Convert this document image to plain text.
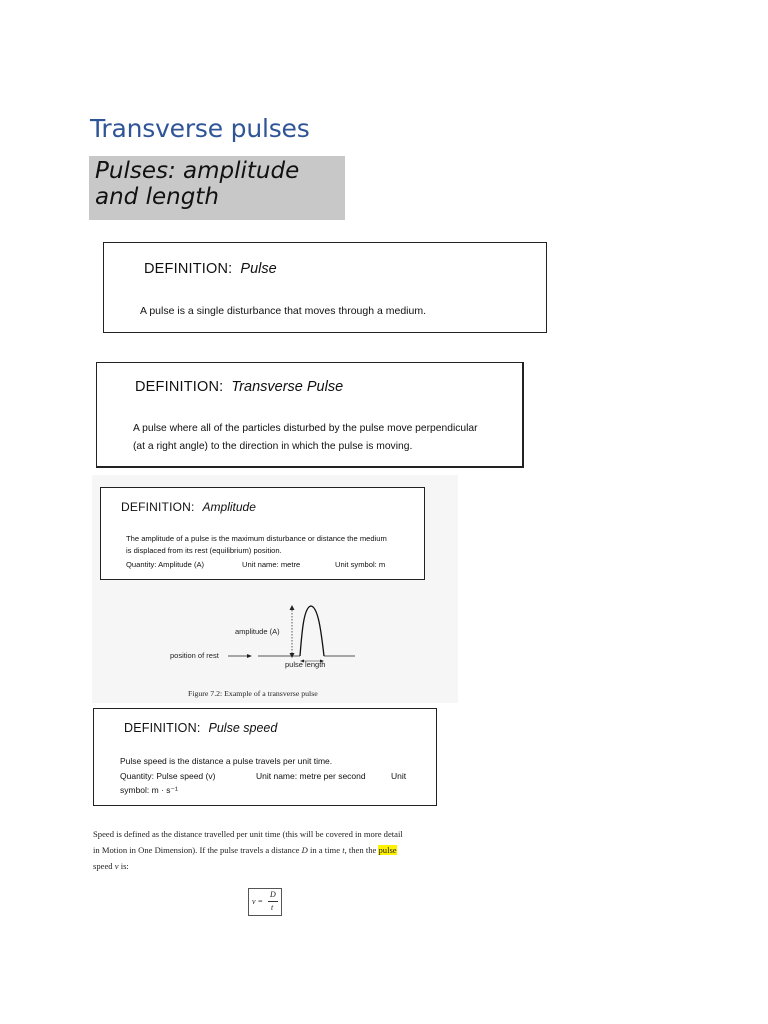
Transverse pulses
Pulses: amplitude and length
DEFINITION: Pulse
A pulse is a single disturbance that moves through a medium.
DEFINITION: Transverse Pulse
A pulse where all of the particles disturbed by the pulse move perpendicular
(at a right angle) to the direction in which the pulse is moving.
DEFINITION: Amplitude
The amplitude of a pulse is the maximum disturbance or distance the medium
is displaced from its rest (equilibrium) position.
Quantity: Amplitude (A)	Unit name: metre	Unit symbol: m
amplitude (A)
position of rest
pulse length
Figure 7.2: Example of a transverse pulse
DEFINITION: Pulse speed
Pulse speed is the distance a pulse travels per unit time.
Quantity: Pulse speed (v)	Unit name: metre per second	Unit
symbol: m · s⁻¹
Speed is defined as the distance travelled per unit time (this will be covered in more detail
in Motion in One Dimension). If the pulse travels a distance D in a time t, then the pulse
speed v is:
v =
D
t
